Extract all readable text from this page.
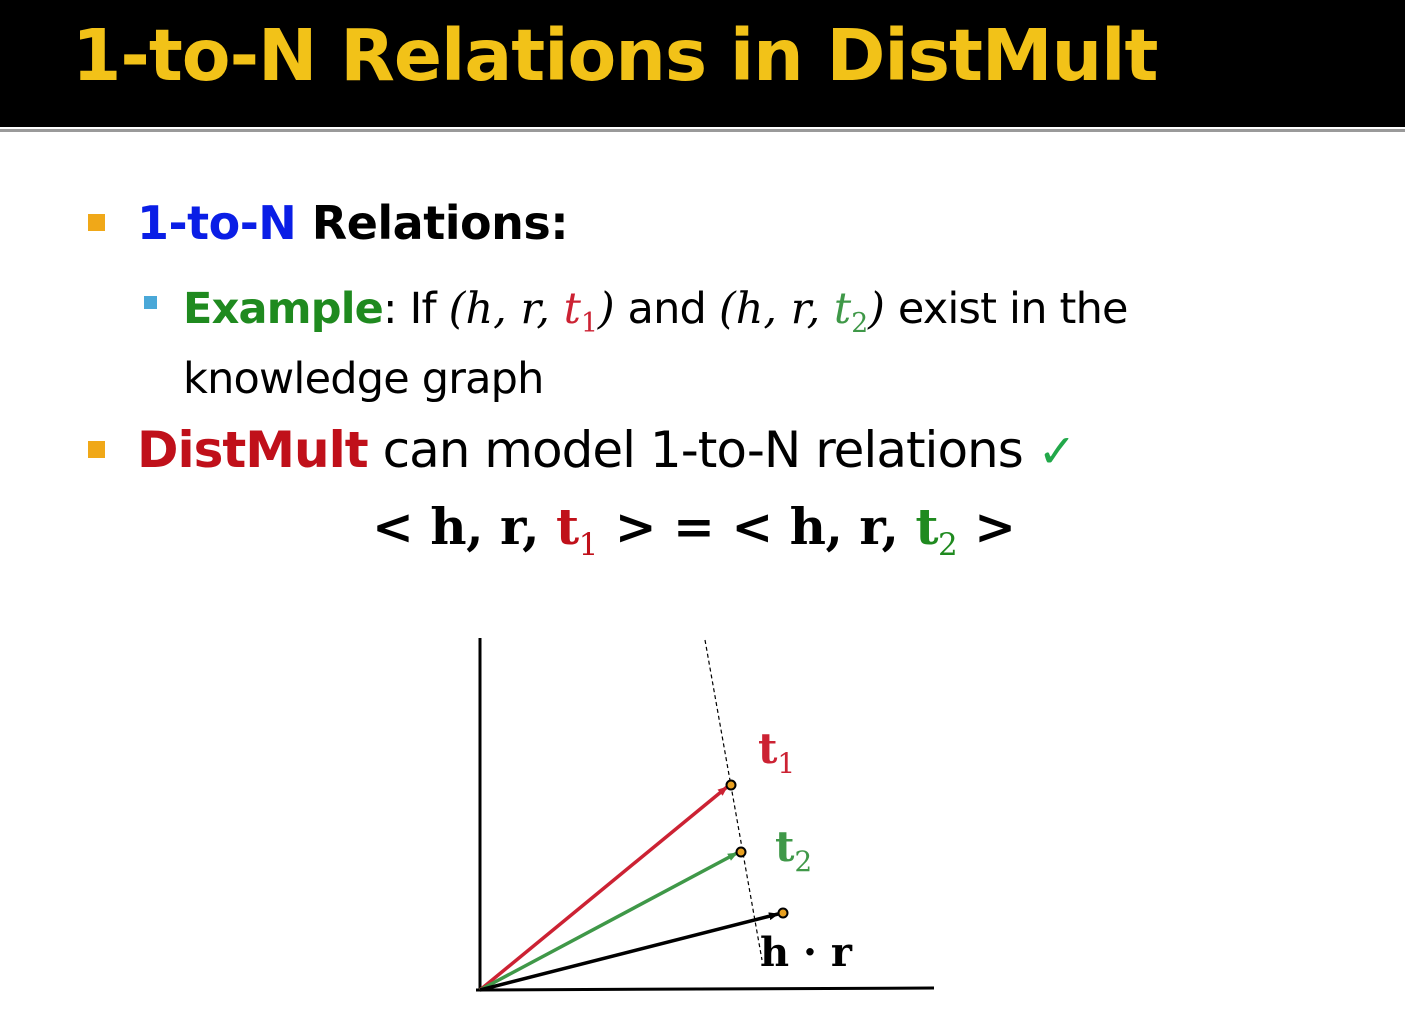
1-to-N Relations in DistMult
1-to-N Relations:
Example: If (h, r, $t_1$) and (h, r, $t_2$) exist in the
knowledge graph
DistMult can model 1-to-N relations ✓
< h, r, $t_1$ > = < h, r, $t_2$ >
$t_1$
$t_2$
h · r
